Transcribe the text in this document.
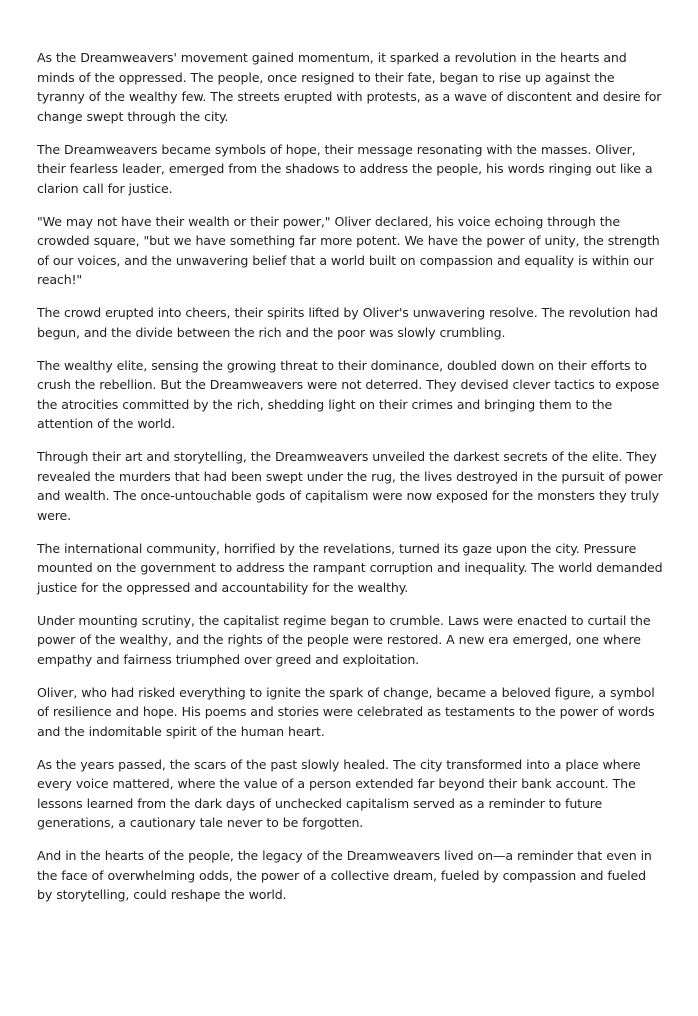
As the Dreamweavers' movement gained momentum, it sparked a revolution in the hearts and minds of the oppressed. The people, once resigned to their fate, began to rise up against the tyranny of the wealthy few. The streets erupted with protests, as a wave of discontent and desire for change swept through the city.

The Dreamweavers became symbols of hope, their message resonating with the masses. Oliver, their fearless leader, emerged from the shadows to address the people, his words ringing out like a clarion call for justice.

"We may not have their wealth or their power," Oliver declared, his voice echoing through the crowded square, "but we have something far more potent. We have the power of unity, the strength of our voices, and the unwavering belief that a world built on compassion and equality is within our reach!"

The crowd erupted into cheers, their spirits lifted by Oliver's unwavering resolve. The revolution had begun, and the divide between the rich and the poor was slowly crumbling.

The wealthy elite, sensing the growing threat to their dominance, doubled down on their efforts to crush the rebellion. But the Dreamweavers were not deterred. They devised clever tactics to expose the atrocities committed by the rich, shedding light on their crimes and bringing them to the attention of the world.

Through their art and storytelling, the Dreamweavers unveiled the darkest secrets of the elite. They revealed the murders that had been swept under the rug, the lives destroyed in the pursuit of power and wealth. The once-untouchable gods of capitalism were now exposed for the monsters they truly were.

The international community, horrified by the revelations, turned its gaze upon the city. Pressure mounted on the government to address the rampant corruption and inequality. The world demanded justice for the oppressed and accountability for the wealthy.

Under mounting scrutiny, the capitalist regime began to crumble. Laws were enacted to curtail the power of the wealthy, and the rights of the people were restored. A new era emerged, one where empathy and fairness triumphed over greed and exploitation.

Oliver, who had risked everything to ignite the spark of change, became a beloved figure, a symbol of resilience and hope. His poems and stories were celebrated as testaments to the power of words and the indomitable spirit of the human heart.

As the years passed, the scars of the past slowly healed. The city transformed into a place where every voice mattered, where the value of a person extended far beyond their bank account. The lessons learned from the dark days of unchecked capitalism served as a reminder to future generations, a cautionary tale never to be forgotten.

And in the hearts of the people, the legacy of the Dreamweavers lived on—a reminder that even in the face of overwhelming odds, the power of a collective dream, fueled by compassion and fueled by storytelling, could reshape the world.
